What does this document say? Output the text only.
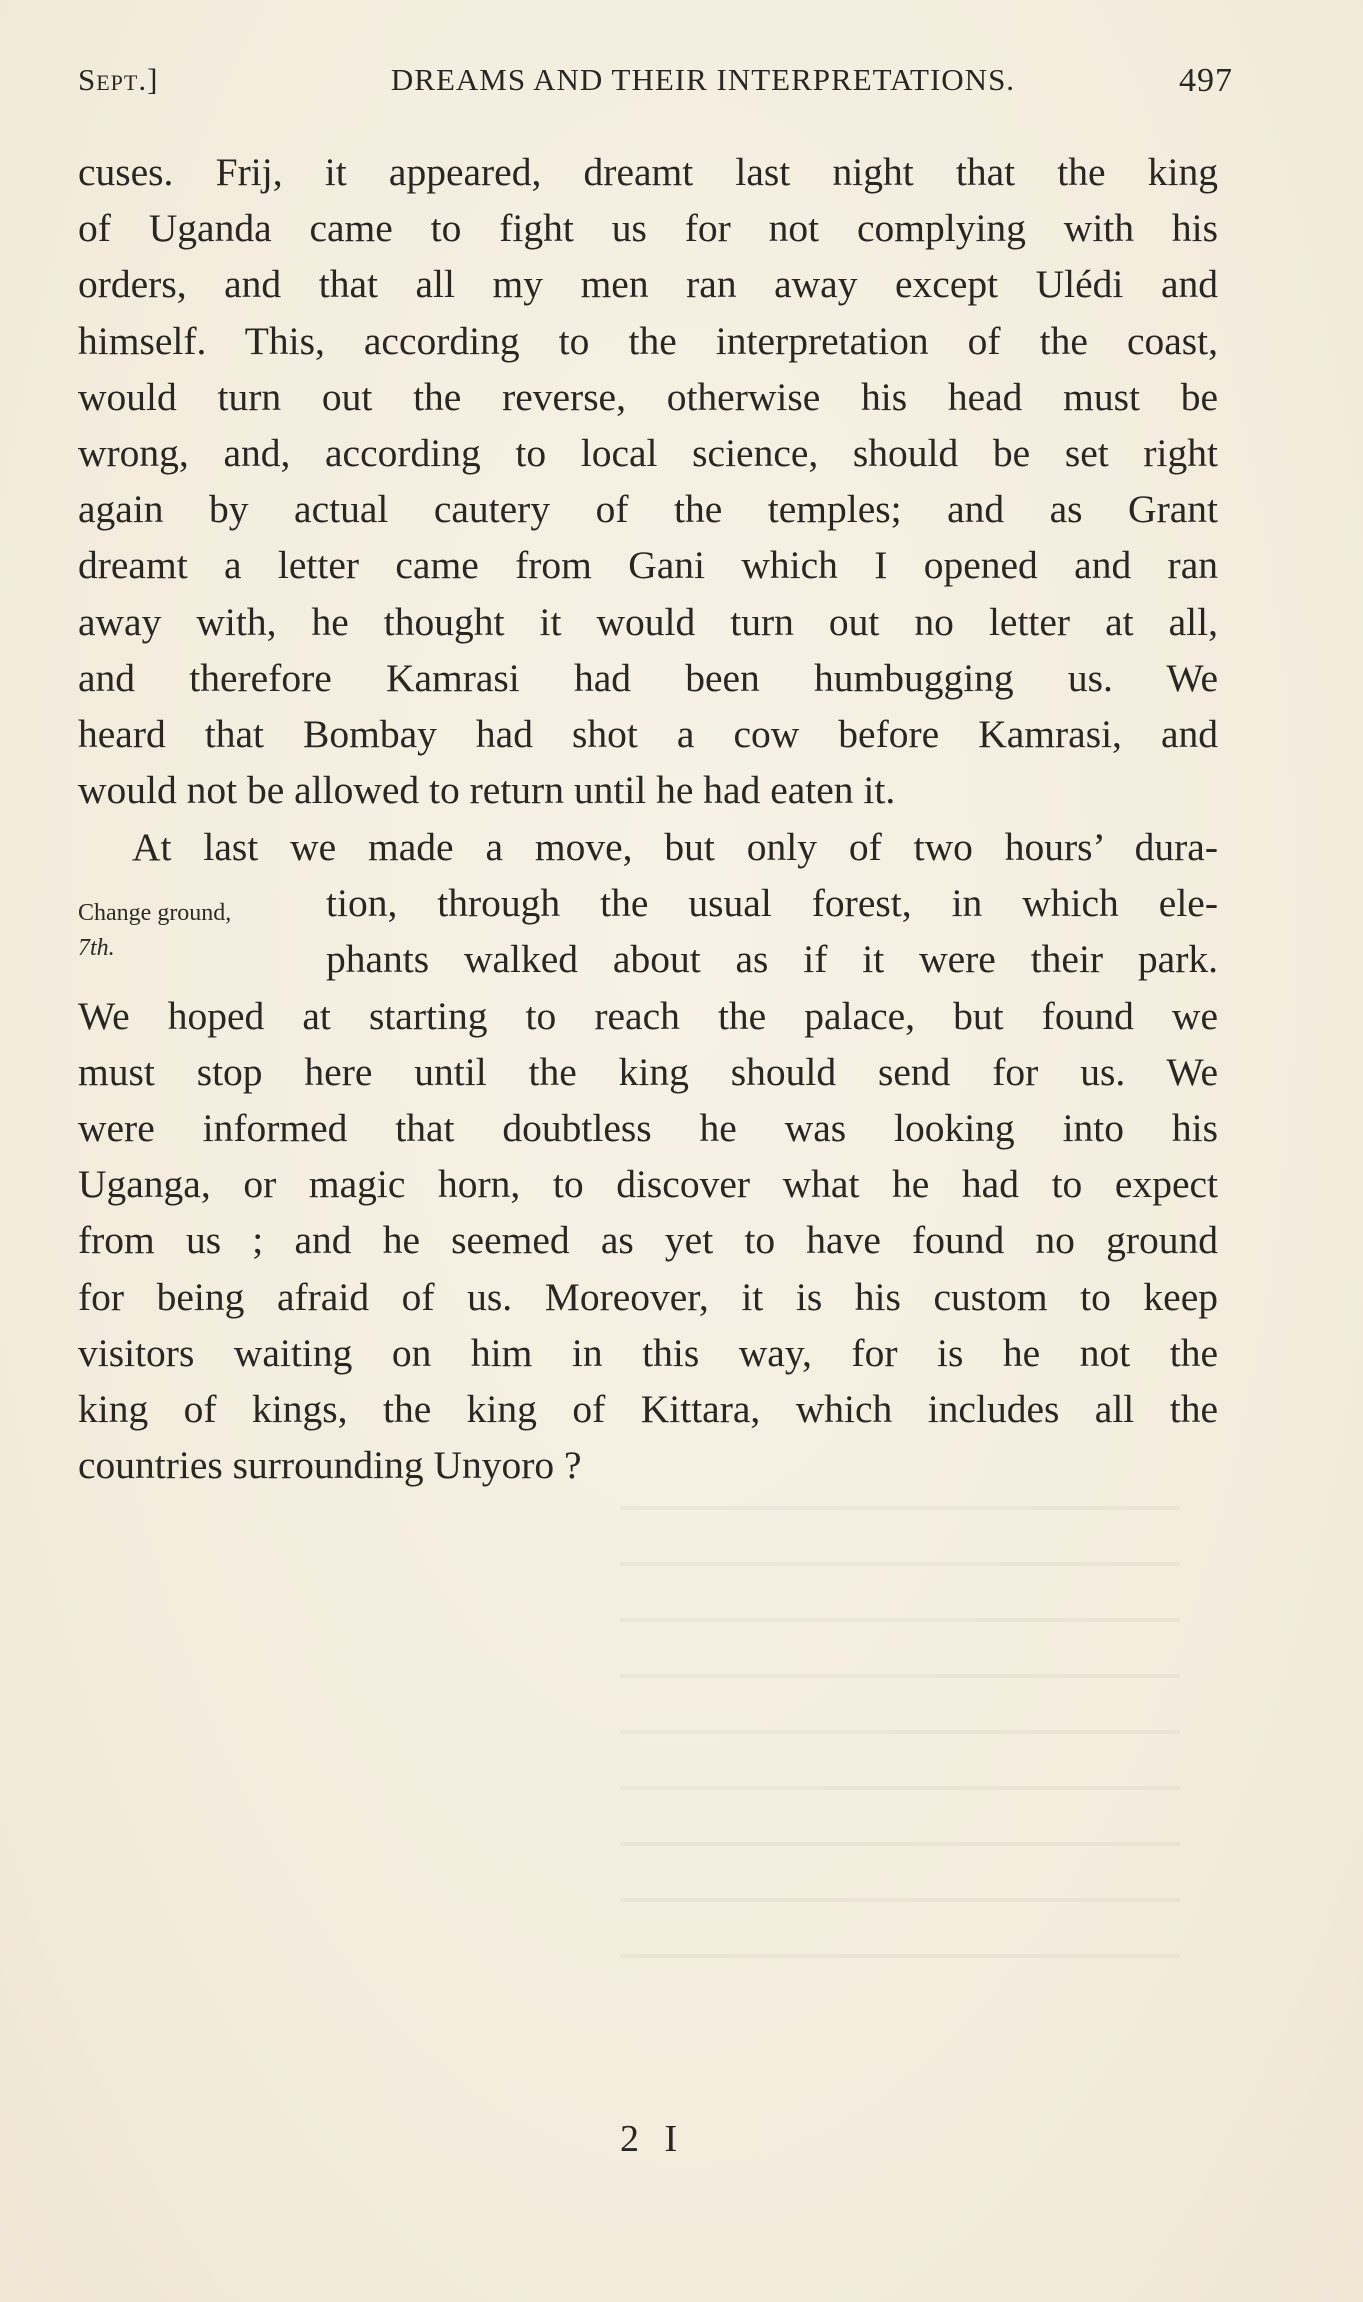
Sept.]	DREAMS AND THEIR INTERPRETATIONS.	497
cuses. Frij, it appeared, dreamt last night that the king
of Uganda came to fight us for not complying with his
orders, and that all my men ran away except Ulédi and
himself. This, according to the interpretation of the coast,
would turn out the reverse, otherwise his head must be
wrong, and, according to local science, should be set right
again by actual cautery of the temples; and as Grant
dreamt a letter came from Gani which I opened and ran
away with, he thought it would turn out no letter at all,
and therefore Kamrasi had been humbugging us. We
heard that Bombay had shot a cow before Kamrasi, and
would not be allowed to return until he had eaten it.
At last we made a move, but only of two hours’ dura-
tion, through the usual forest, in which ele-
phants walked about as if it were their park.
We hoped at starting to reach the palace, but found we
must stop here until the king should send for us. We
were informed that doubtless he was looking into his
Uganga, or magic horn, to discover what he had to expect
from us ; and he seemed as yet to have found no ground
for being afraid of us. Moreover, it is his custom to keep
visitors waiting on him in this way, for is he not the
king of kings, the king of Kittara, which includes all the
countries surrounding Unyoro ?
Change ground,
7th.
2 I
